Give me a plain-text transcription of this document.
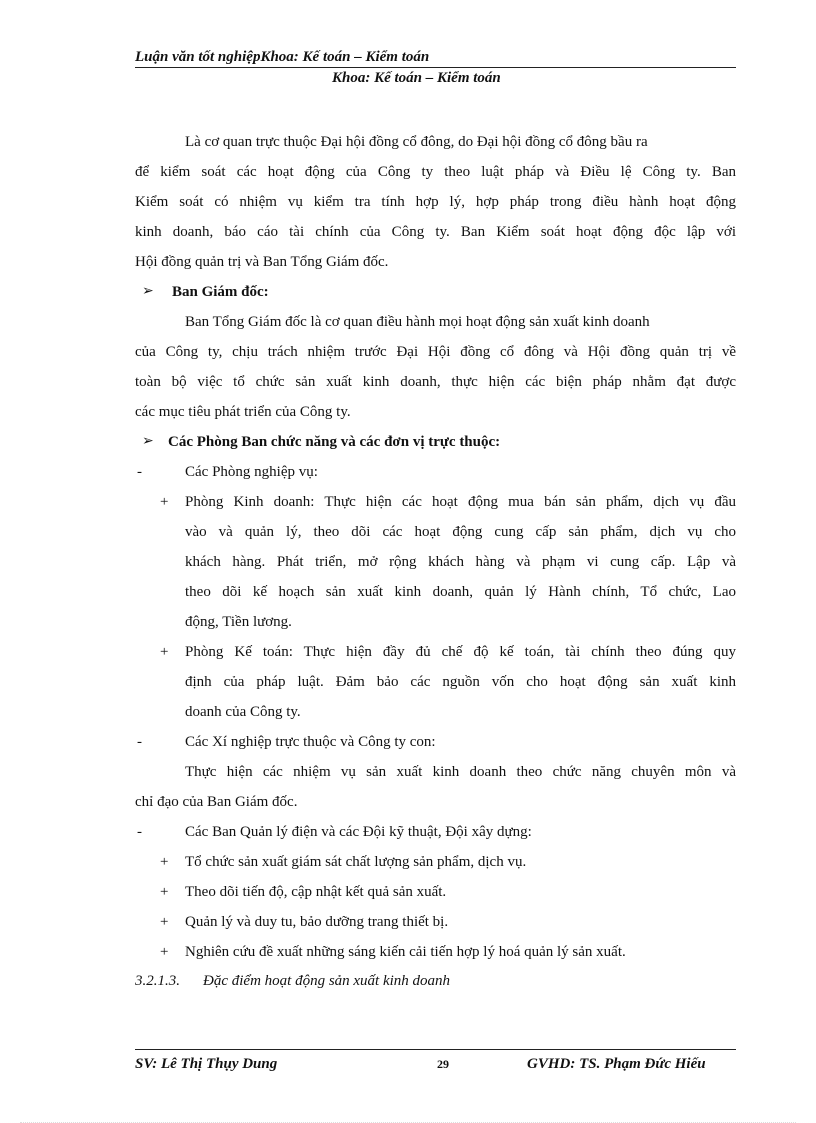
Luận văn tốt nghiệpKhoa: Kế toán – Kiểm toán
Khoa: Kế toán – Kiểm toán
Là cơ quan trực thuộc Đại hội đồng cổ đông, do Đại hội đồng cổ đông bầu ra
để kiểm soát các hoạt động của Công ty theo luật pháp và Điều lệ Công ty. Ban
Kiểm soát có nhiệm vụ kiểm tra tính hợp lý, hợp pháp trong điều hành hoạt động
kinh doanh, báo cáo tài chính của Công ty. Ban Kiểm soát hoạt động độc lập với
Hội đồng quản trị và Ban Tổng Giám đốc.
➢ Ban Giám đốc:
Ban Tổng Giám đốc là cơ quan điều hành mọi hoạt động sản xuất kinh doanh
của Công ty, chịu trách nhiệm trước Đại Hội đồng cổ đông và Hội đồng quản trị về
toàn bộ việc tổ chức sản xuất kinh doanh, thực hiện các biện pháp nhằm đạt được
các mục tiêu phát triển của Công ty.
➢ Các Phòng Ban chức năng và các đơn vị trực thuộc:
-	Các Phòng nghiệp vụ:
+ Phòng Kinh doanh: Thực hiện các hoạt động mua bán sản phẩm, dịch vụ đầu
vào và quản lý, theo dõi các hoạt động cung cấp sản phẩm, dịch vụ cho
khách hàng. Phát triển, mở rộng khách hàng và phạm vi cung cấp. Lập và
theo dõi kế hoạch sản xuất kinh doanh, quản lý Hành chính, Tổ chức, Lao
động, Tiền lương.
+ Phòng Kế toán: Thực hiện đầy đủ chế độ kế toán, tài chính theo đúng quy
định của pháp luật. Đảm bảo các nguồn vốn cho hoạt động sản xuất kinh
doanh của Công ty.
-	Các Xí nghiệp trực thuộc và Công ty con:
Thực hiện các nhiệm vụ sản xuất kinh doanh theo chức năng chuyên môn và
chỉ đạo của Ban Giám đốc.
-	Các Ban Quản lý điện và các Đội kỹ thuật, Đội xây dựng:
+ Tổ chức sản xuất giám sát chất lượng sản phẩm, dịch vụ.
+ Theo dõi tiến độ, cập nhật kết quả sản xuất.
+ Quản lý và duy tu, bảo dưỡng trang thiết bị.
+ Nghiên cứu đề xuất những sáng kiến cải tiến hợp lý hoá quản lý sản xuất.
3.2.1.3. Đặc điểm hoạt động sản xuất kinh doanh
SV: Lê Thị Thụy Dung	29	GVHD: TS. Phạm Đức Hiếu
